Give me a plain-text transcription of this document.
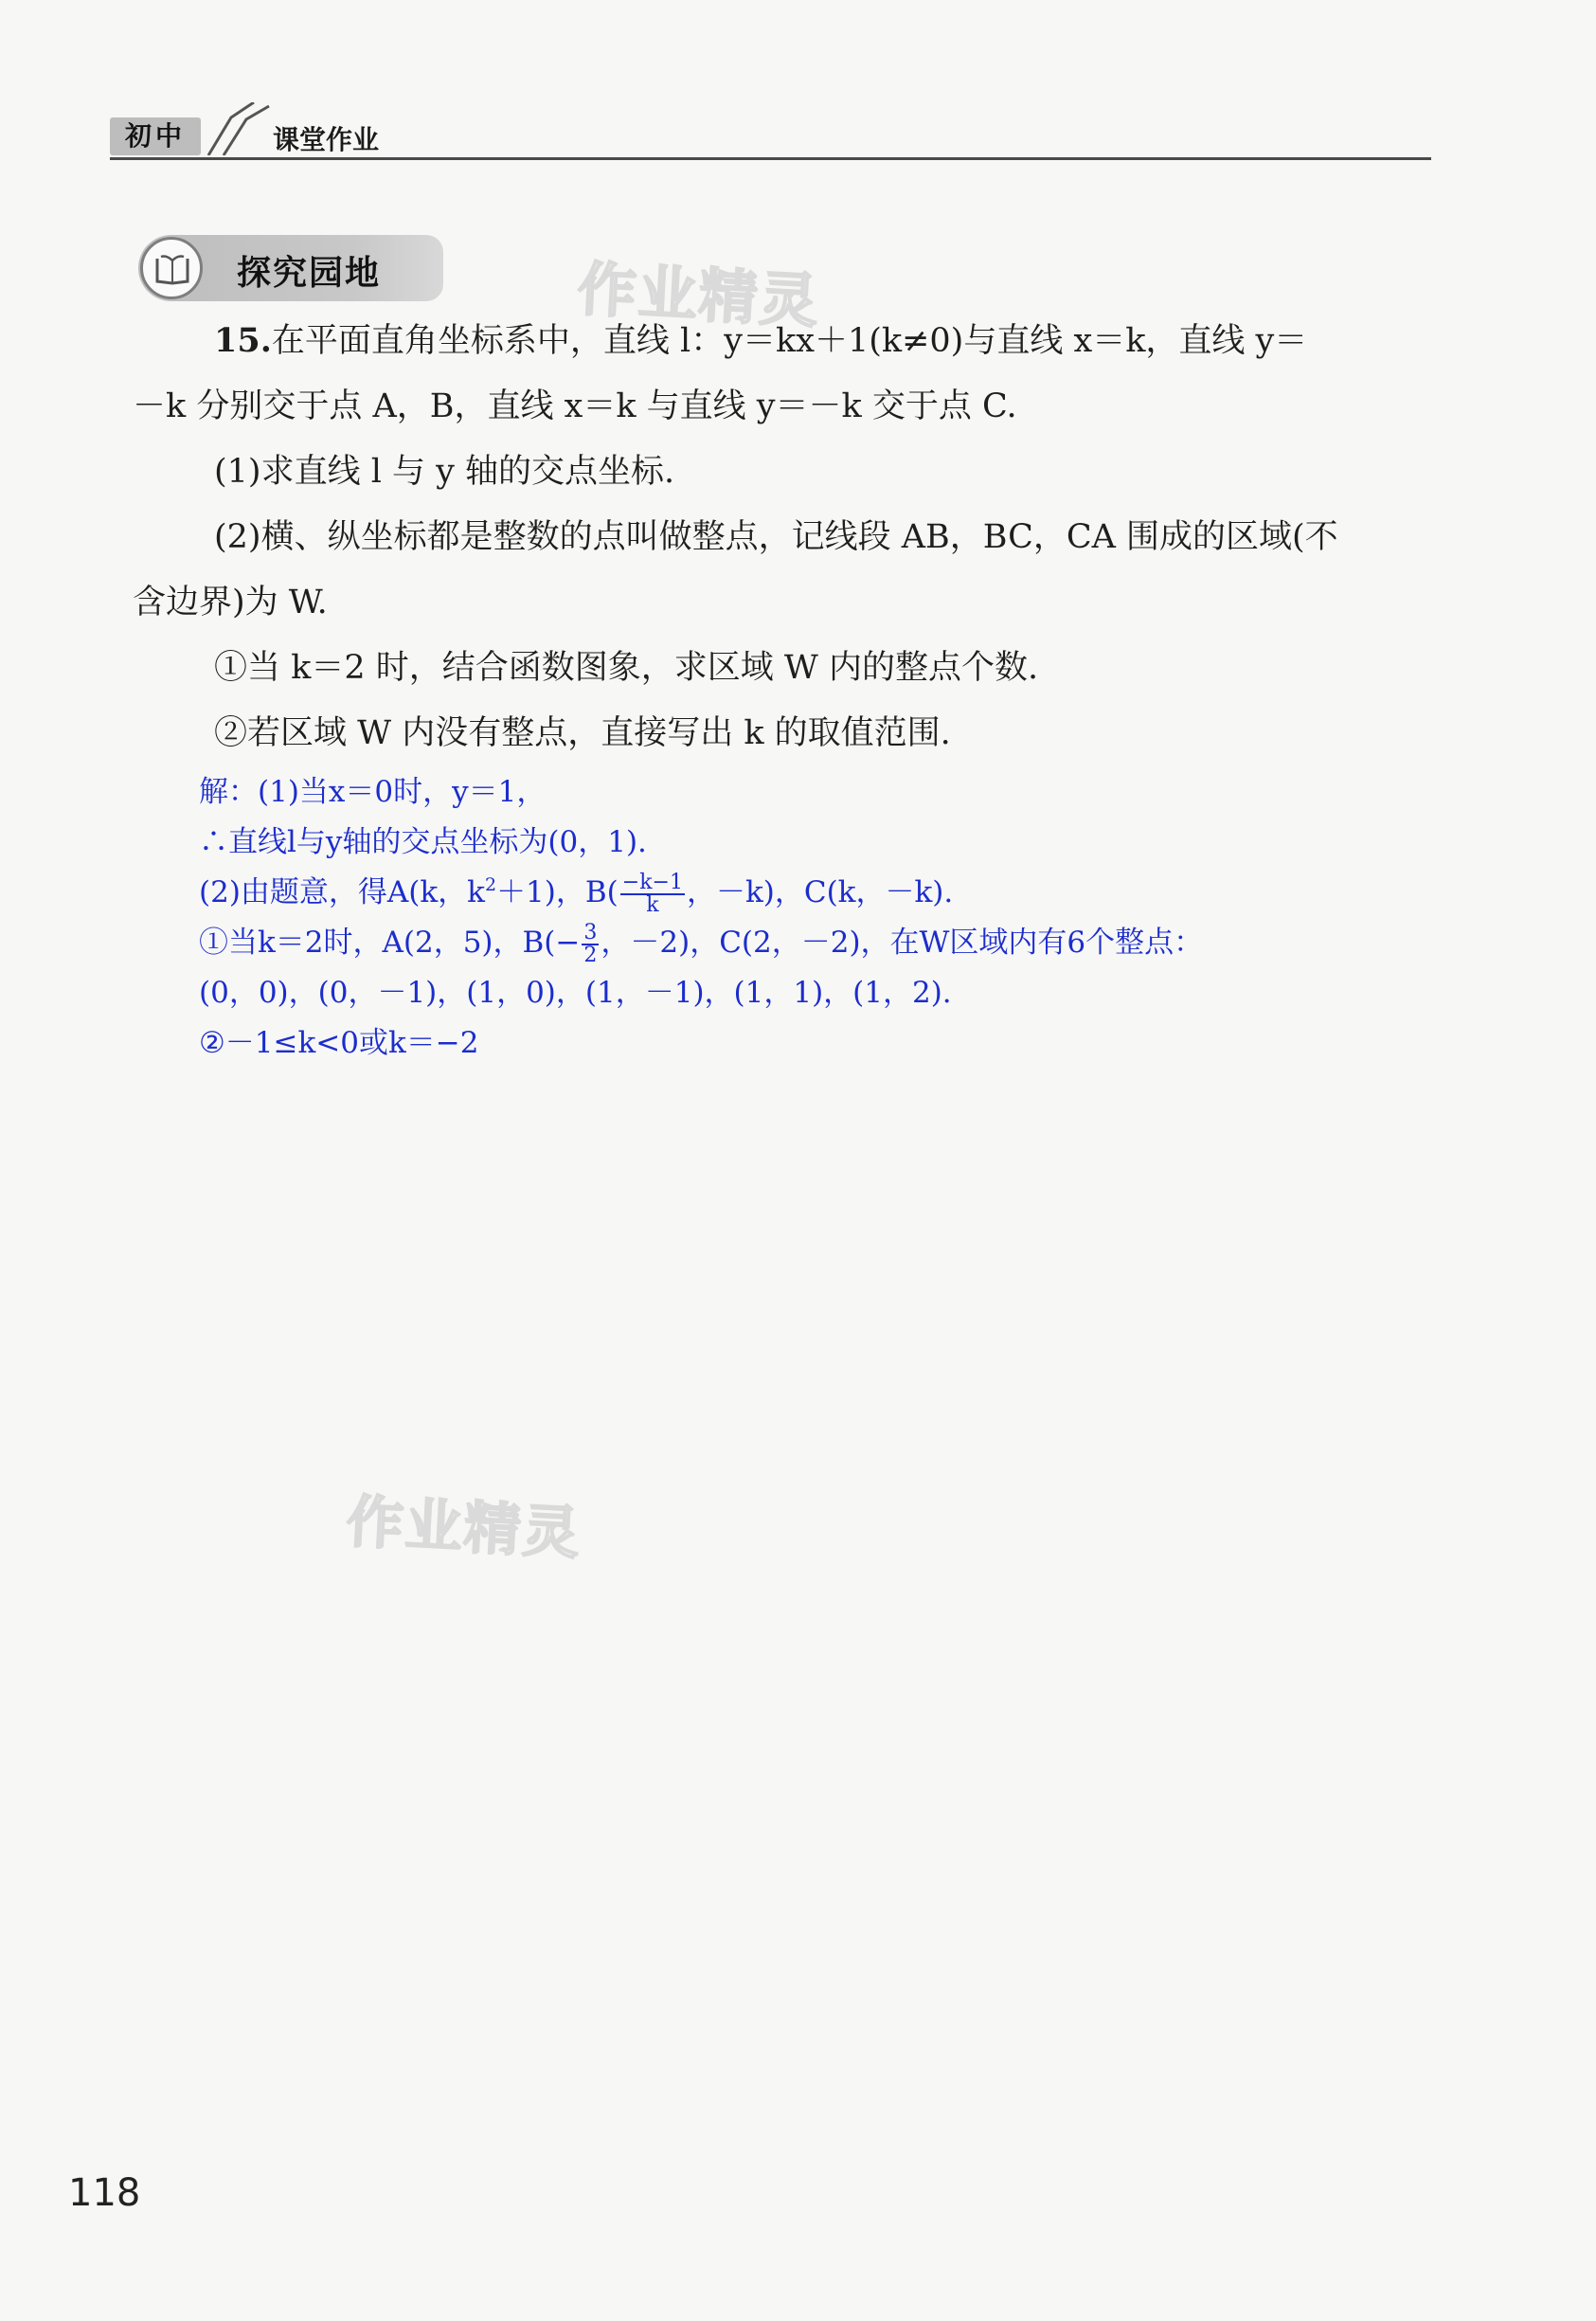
初中	课堂作业
探究园地	作业精灵
作业精灵
15.在平面直角坐标系中，直线 l：y＝kx＋1(k≠0)与直线 x＝k，直线 y＝
－k 分别交于点 A，B，直线 x＝k 与直线 y＝－k 交于点 C.
(1)求直线 l 与 y 轴的交点坐标.
(2)横、纵坐标都是整数的点叫做整点，记线段 AB，BC，CA 围成的区域(不
含边界)为 W.
①当 k＝2 时，结合函数图象，求区域 W 内的整点个数.
②若区域 W 内没有整点，直接写出 k 的取值范围.
解：(1)当x＝0时，y＝1，
∴直线l与y轴的交点坐标为(0，1).
(2)由题意，得A(k，$k^2+1$)，$B( \frac{-k-1}{k}$ ，－k)，C(k，－k).
①当k＝2时，A(2，5)，$B(- \frac{3}{2}$ ，－2)，C(2，－2)，在W区域内有6个整点：
(0，0)，(0，－1)，(1，0)，(1，－1)，(1，1)，(1，2).
②－1≤k<0或k＝−2
118
